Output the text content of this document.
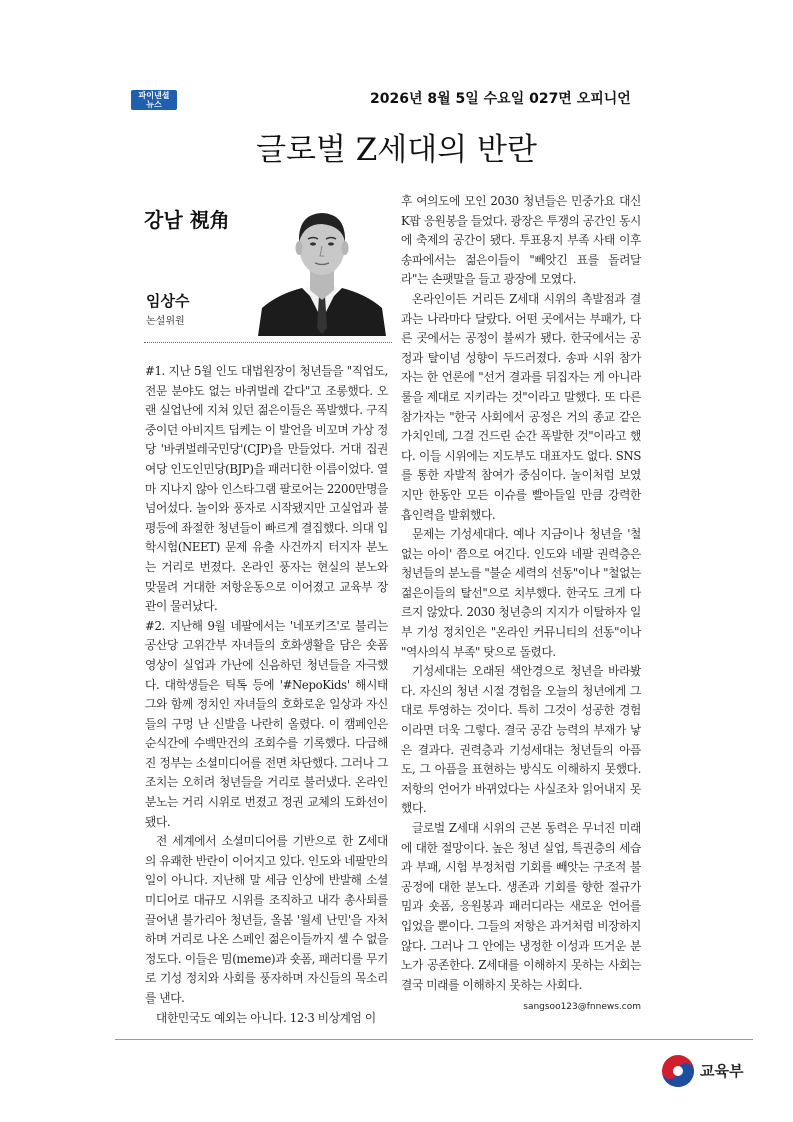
파이낸셜
뉴스	2026년 8월 5일 수요일 027면 오피니언
글로벌 Z세대의 반란
강남 視角
임상수
논설위원

#1. 지난 5월 인도 대법원장이 청년들을 "직업도, 전문 분야도 없는 바퀴벌레 같다"고 조롱했다. 오랜 실업난에 지쳐 있던 젊은이들은 폭발했다. 구직 중이던 아비지트 딥케는 이 발언을 비꼬며 가상 정당 '바퀴벌레국민당'(CJP)을 만들었다. 거대 집권 여당 인도인민당(BJP)을 패러디한 이름이었다. 열마 지나지 않아 인스타그램 팔로어는 2200만명을 넘어섰다. 놀이와 풍자로 시작됐지만 고실업과 불평등에 좌절한 청년들이 빠르게 결집했다. 의대 입학시험(NEET) 문제 유출 사건까지 터지자 분노는 거리로 번졌다. 온라인 풍자는 현실의 분노와 맞물려 거대한 저항운동으로 이어졌고 교육부 장관이 물러났다.

#2. 지난해 9월 네팔에서는 '네포키즈'로 불리는 공산당 고위간부 자녀들의 호화생활을 담은 숏폼 영상이 실업과 가난에 신음하던 청년들을 자극했다. 대학생들은 틱톡 등에 '#NepoKids' 해시태그와 함께 정치인 자녀들의 호화로운 일상과 자신들의 구멍 난 신발을 나란히 올렸다. 이 캠페인은 순식간에 수백만건의 조회수를 기록했다. 다급해진 정부는 소셜미디어를 전면 차단했다. 그러나 그 조치는 오히려 청년들을 거리로 불러냈다. 온라인 분노는 거리 시위로 번졌고 정권 교체의 도화선이 됐다.

전 세계에서 소셜미디어를 기반으로 한 Z세대의 유쾌한 반란이 이어지고 있다. 인도와 네팔만의 일이 아니다. 지난해 말 세금 인상에 반발해 소셜미디어로 대규모 시위를 조직하고 내각 총사퇴를 끌어낸 불가리아 청년들, 올봄 '월세 난민'을 자처하며 거리로 나온 스페인 젊은이들까지 셀 수 없을 정도다. 이들은 밈(meme)과 숏폼, 패러디를 무기로 기성 정치와 사회를 풍자하며 자신들의 목소리를 낸다.

대한민국도 예외는 아니다. 12·3 비상계엄 이

후 여의도에 모인 2030 청년들은 민중가요 대신 K팝 응원봉을 들었다. 광장은 투쟁의 공간인 동시에 축제의 공간이 됐다. 투표용지 부족 사태 이후 송파에서는 젊은이들이 "빼앗긴 표를 돌려달라"는 손팻말을 들고 광장에 모였다.

온라인이든 거리든 Z세대 시위의 촉발점과 결과는 나라마다 달랐다. 어떤 곳에서는 부패가, 다른 곳에서는 공정이 불씨가 됐다. 한국에서는 공정과 탈이념 성향이 두드러졌다. 송파 시위 참가자는 한 언론에 "선거 결과를 뒤집자는 게 아니라 룰을 제대로 지키라는 것"이라고 말했다. 또 다른 참가자는 "한국 사회에서 공정은 거의 종교 같은 가치인데, 그걸 건드린 순간 폭발한 것"이라고 했다. 이들 시위에는 지도부도 대표자도 없다. SNS를 통한 자발적 참여가 중심이다. 놀이처럼 보였지만 한동안 모든 이슈를 빨아들일 만큼 강력한 흡인력을 발휘했다.

문제는 기성세대다. 예나 지금이나 청년을 '철없는 아이' 쯤으로 여긴다. 인도와 네팔 권력층은 청년들의 분노를 "불순 세력의 선동"이나 "철없는 젊은이들의 탈선"으로 치부했다. 한국도 크게 다르지 않았다. 2030 청년층의 지지가 이탈하자 일부 기성 정치인은 "온라인 커뮤니티의 선동"이나 "역사의식 부족" 탓으로 돌렸다.

기성세대는 오래된 색안경으로 청년을 바라봤다. 자신의 청년 시절 경험을 오늘의 청년에게 그대로 투영하는 것이다. 특히 그것이 성공한 경험이라면 더욱 그렇다. 결국 공감 능력의 부재가 낳은 결과다. 권력층과 기성세대는 청년들의 아픔도, 그 아픔을 표현하는 방식도 이해하지 못했다. 저항의 언어가 바뀌었다는 사실조차 읽어내지 못했다.

글로벌 Z세대 시위의 근본 동력은 무너진 미래에 대한 절망이다. 높은 청년 실업, 특권층의 세습과 부패, 시험 부정처럼 기회를 빼앗는 구조적 불공정에 대한 분노다. 생존과 기회를 향한 절규가 밈과 숏폼, 응원봉과 패러디라는 새로운 언어를 입었을 뿐이다. 그들의 저항은 과거처럼 비장하지 않다. 그러나 그 안에는 냉정한 이성과 뜨거운 분노가 공존한다. Z세대를 이해하지 못하는 사회는 결국 미래를 이해하지 못하는 사회다.
sangsoo123@fnnews.com

교육부
